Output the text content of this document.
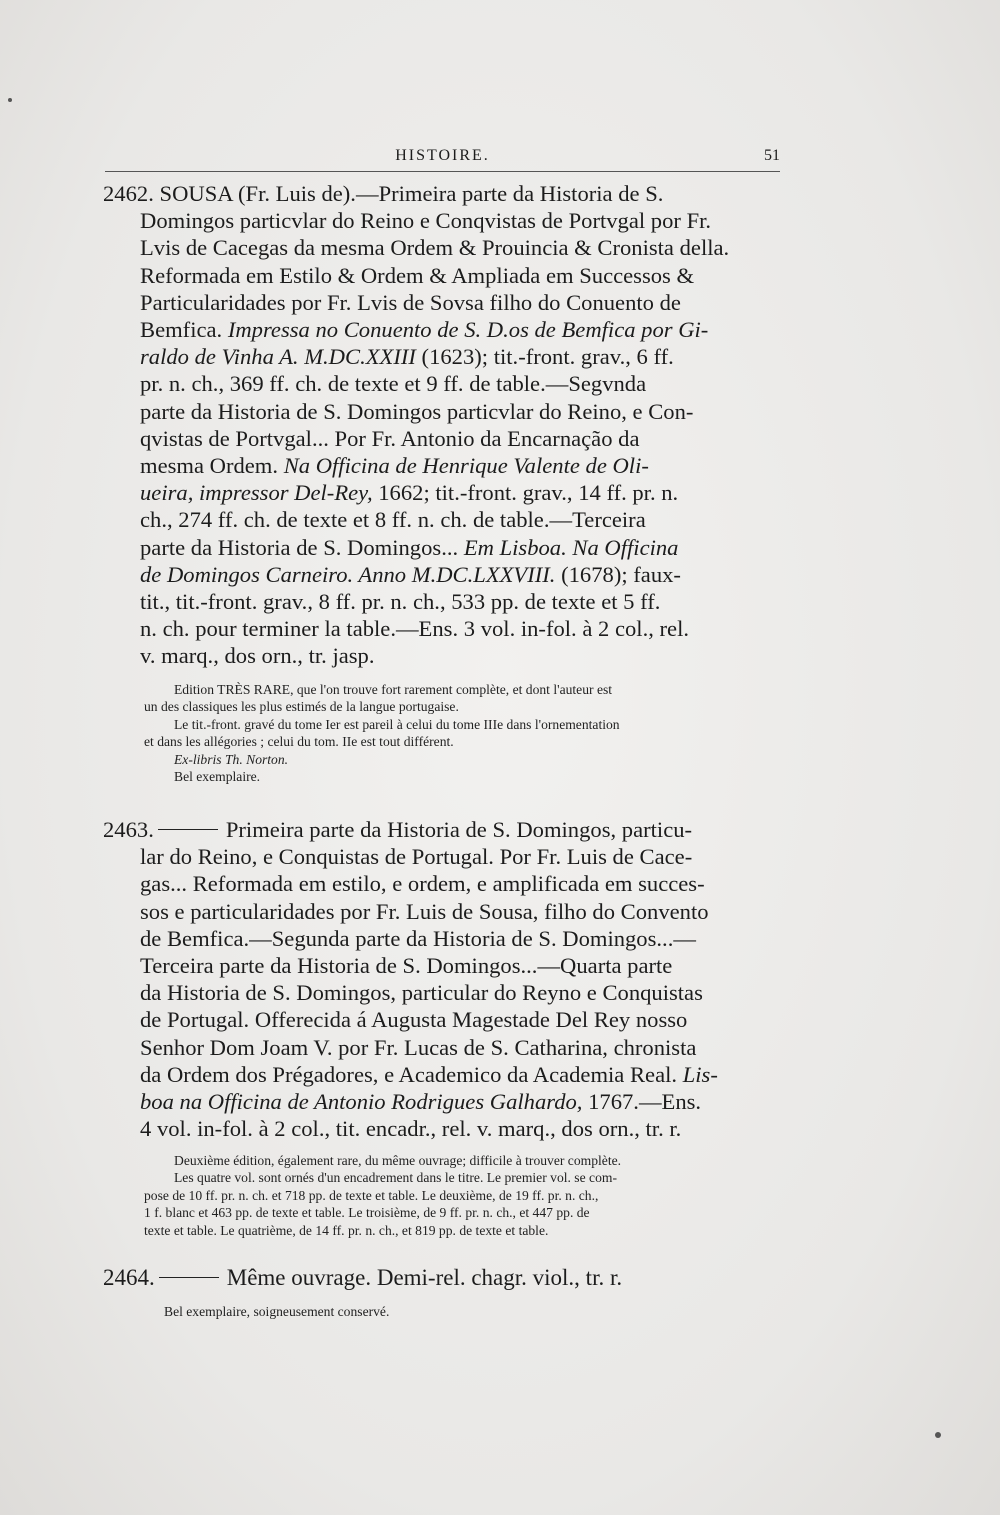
HISTOIRE.	51
2462. SOUSA (Fr. Luis de).—Primeira parte da Historia de S.
Domingos particvlar do Reino e Conqvistas de Portvgal por Fr.
Lvis de Cacegas da mesma Ordem & Prouincia & Cronista della.
Reformada em Estilo & Ordem & Ampliada em Successos &
Particularidades por Fr. Lvis de Sovsa filho do Conuento de
Bemfica. Impressa no Conuento de S. D.os de Bemfica por Gi-
raldo de Vinha A. M.DC.XXIII (1623); tit.-front. grav., 6 ff.
pr. n. ch., 369 ff. ch. de texte et 9 ff. de table.—Segvnda
parte da Historia de S. Domingos particvlar do Reino, e Con-
qvistas de Portvgal... Por Fr. Antonio da Encarnação da
mesma Ordem. Na Officina de Henrique Valente de Oli-
ueira, impressor Del-Rey, 1662; tit.-front. grav., 14 ff. pr. n.
ch., 274 ff. ch. de texte et 8 ff. n. ch. de table.—Terceira
parte da Historia de S. Domingos... Em Lisboa. Na Officina
de Domingos Carneiro. Anno M.DC.LXXVIII. (1678); faux-
tit., tit.-front. grav., 8 ff. pr. n. ch., 533 pp. de texte et 5 ff.
n. ch. pour terminer la table.—Ens. 3 vol. in-fol. à 2 col., rel.
v. marq., dos orn., tr. jasp.
Edition TRÈS RARE, que l'on trouve fort rarement complète, et dont l'auteur est
un des classiques les plus estimés de la langue portugaise.
Le tit.-front. gravé du tome Ier est pareil à celui du tome IIIe dans l'ornementation
et dans les allégories ; celui du tom. IIe est tout différent.
Ex-libris Th. Norton.
Bel exemplaire.
2463.	Primeira parte da Historia de S. Domingos, particu-
lar do Reino, e Conquistas de Portugal. Por Fr. Luis de Cace-
gas... Reformada em estilo, e ordem, e amplificada em succes-
sos e particularidades por Fr. Luis de Sousa, filho do Convento
de Bemfica.—Segunda parte da Historia de S. Domingos...—
Terceira parte da Historia de S. Domingos...—Quarta parte
da Historia de S. Domingos, particular do Reyno e Conquistas
de Portugal. Offerecida á Augusta Magestade Del Rey nosso
Senhor Dom Joam V. por Fr. Lucas de S. Catharina, chronista
da Ordem dos Prégadores, e Academico da Academia Real. Lis-
boa na Officina de Antonio Rodrigues Galhardo, 1767.—Ens.
4 vol. in-fol. à 2 col., tit. encadr., rel. v. marq., dos orn., tr. r.
Deuxième édition, également rare, du même ouvrage; difficile à trouver complète.
Les quatre vol. sont ornés d'un encadrement dans le titre. Le premier vol. se com-
pose de 10 ff. pr. n. ch. et 718 pp. de texte et table. Le deuxième, de 19 ff. pr. n. ch.,
1 f. blanc et 463 pp. de texte et table. Le troisième, de 9 ff. pr. n. ch., et 447 pp. de
texte et table. Le quatrième, de 14 ff. pr. n. ch., et 819 pp. de texte et table.
2464.	Même ouvrage. Demi-rel. chagr. viol., tr. r.
Bel exemplaire, soigneusement conservé.
